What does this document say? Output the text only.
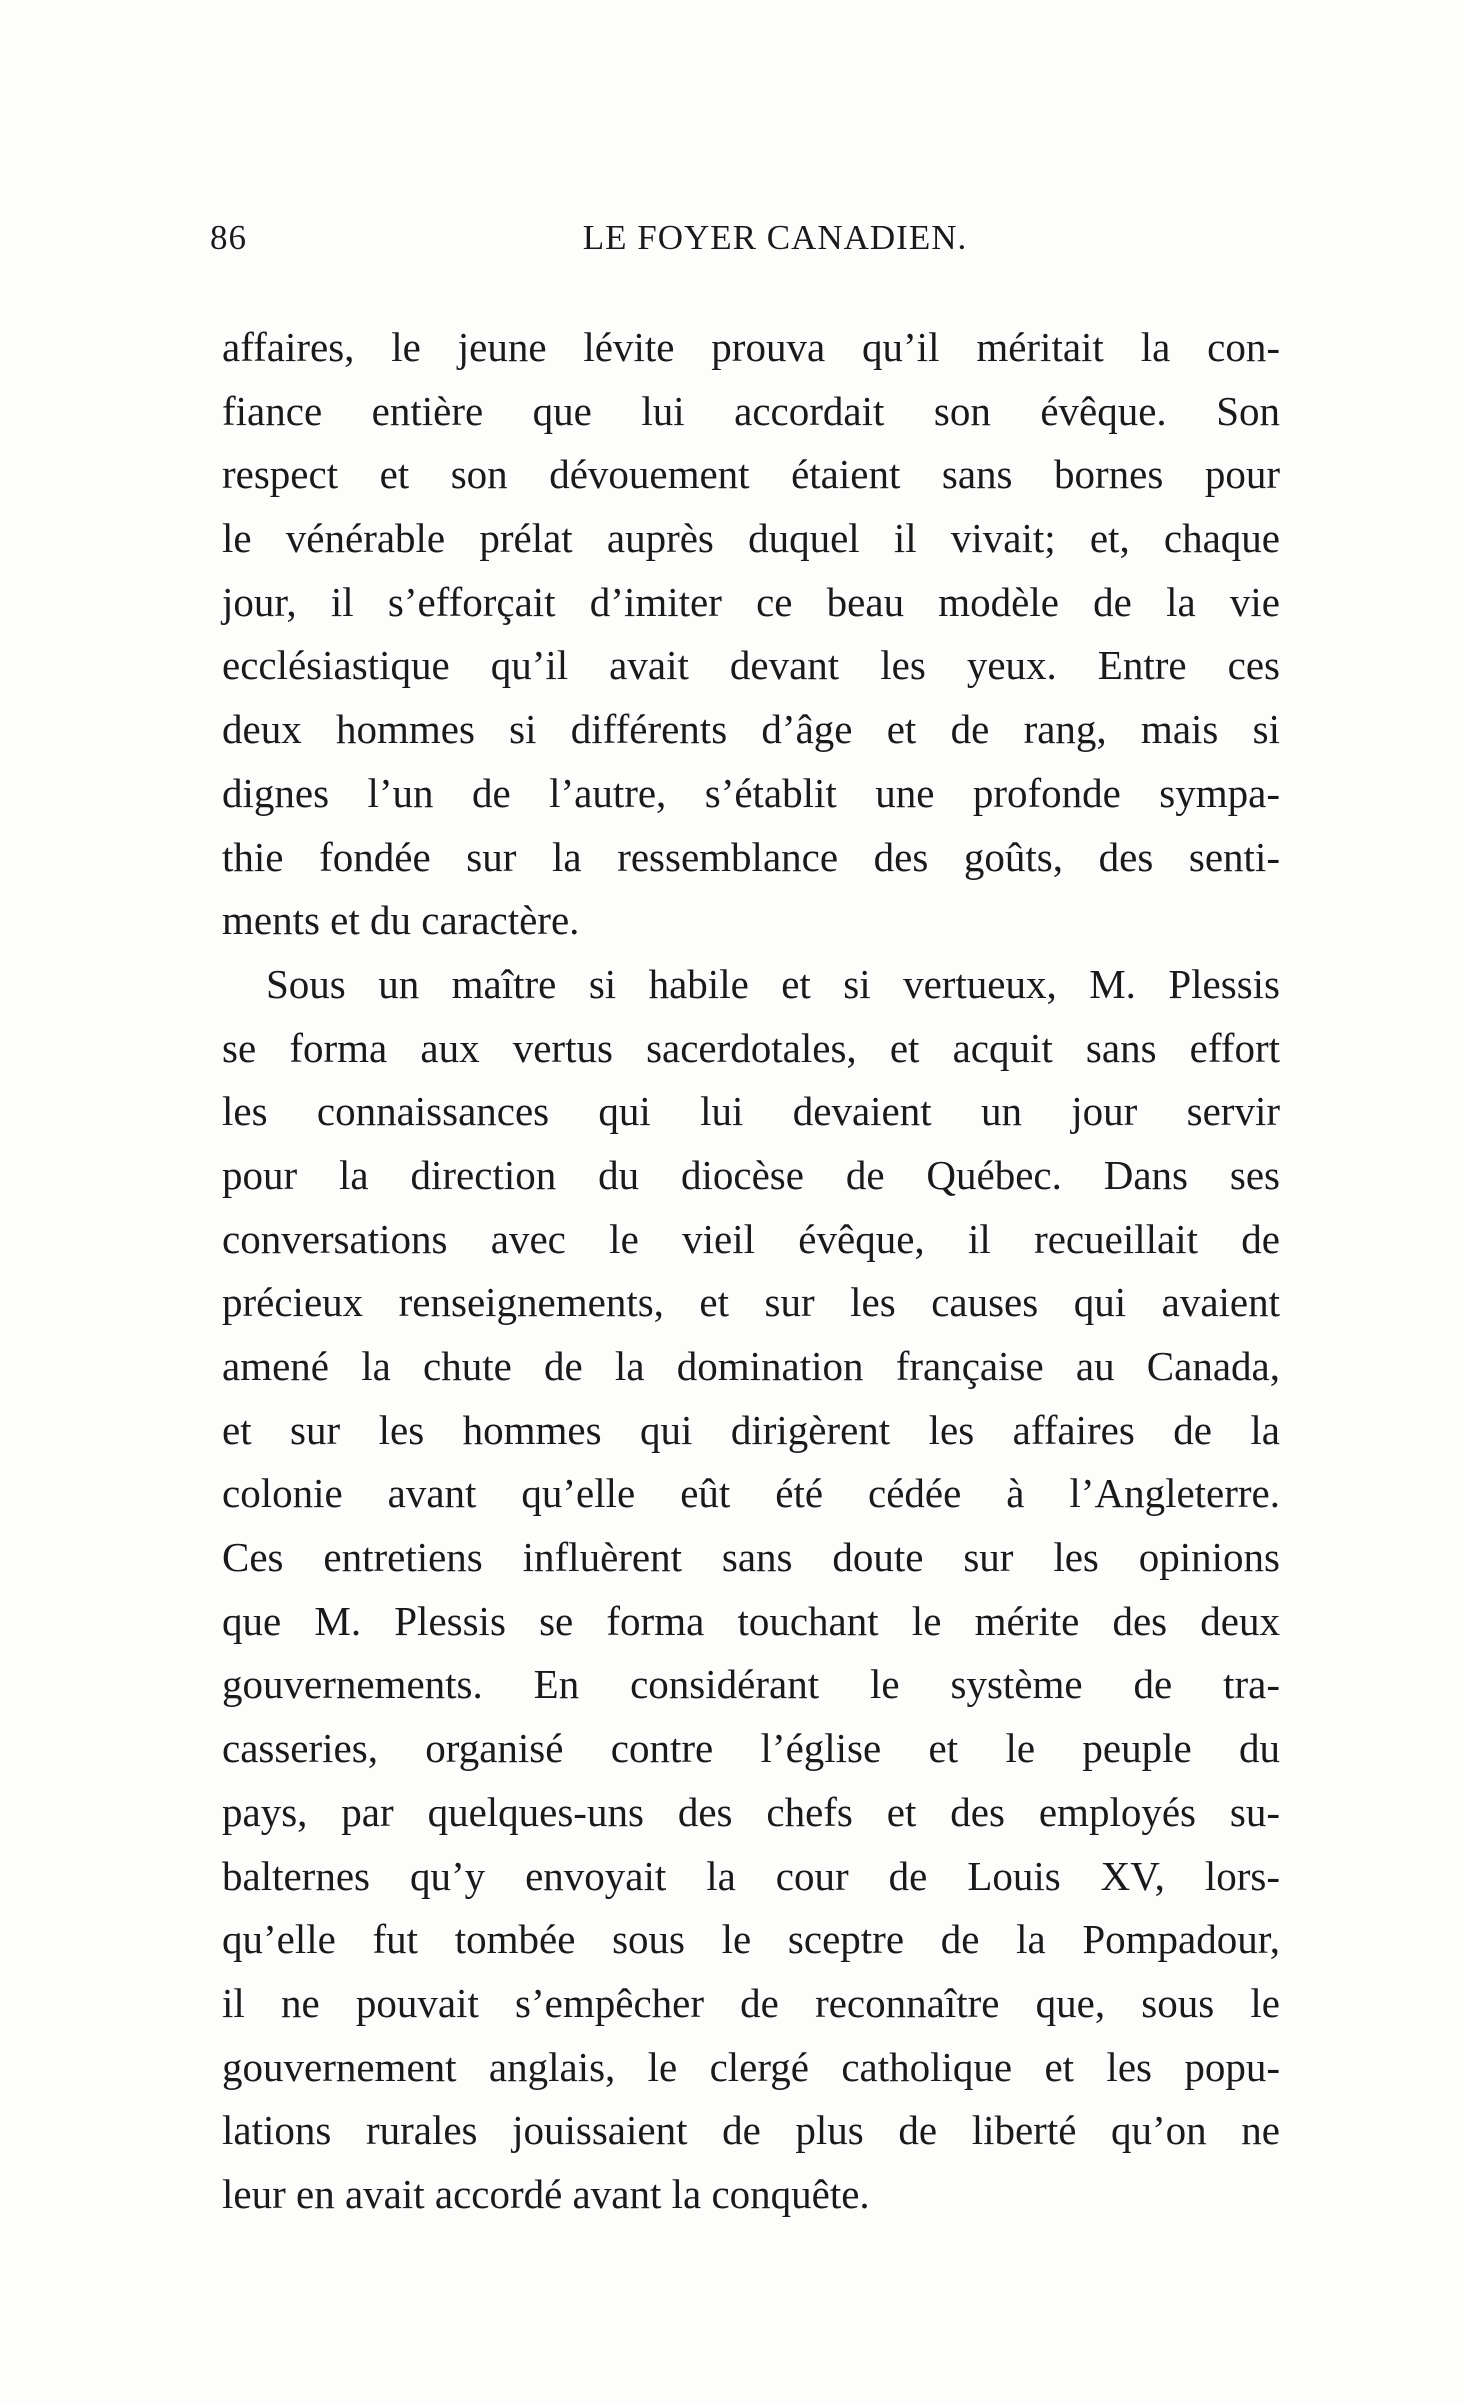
86	LE FOYER CANADIEN.
affaires, le jeune lévite prouva qu’il méritait la con-
fiance entière que lui accordait son évêque. Son
respect et son dévouement étaient sans bornes pour
le vénérable prélat auprès duquel il vivait; et, chaque
jour, il s’efforçait d’imiter ce beau modèle de la vie
ecclésiastique qu’il avait devant les yeux. Entre ces
deux hommes si différents d’âge et de rang, mais si
dignes l’un de l’autre, s’établit une profonde sympa-
thie fondée sur la ressemblance des goûts, des senti-
ments et du caractère.
Sous un maître si habile et si vertueux, M. Plessis
se forma aux vertus sacerdotales, et acquit sans effort
les connaissances qui lui devaient un jour servir
pour la direction du diocèse de Québec. Dans ses
conversations avec le vieil évêque, il recueillait de
précieux renseignements, et sur les causes qui avaient
amené la chute de la domination française au Canada,
et sur les hommes qui dirigèrent les affaires de la
colonie avant qu’elle eût été cédée à l’Angleterre.
Ces entretiens influèrent sans doute sur les opinions
que M. Plessis se forma touchant le mérite des deux
gouvernements. En considérant le système de tra-
casseries, organisé contre l’église et le peuple du
pays, par quelques-uns des chefs et des employés su-
balternes qu’y envoyait la cour de Louis XV, lors-
qu’elle fut tombée sous le sceptre de la Pompadour,
il ne pouvait s’empêcher de reconnaître que, sous le
gouvernement anglais, le clergé catholique et les popu-
lations rurales jouissaient de plus de liberté qu’on ne
leur en avait accordé avant la conquête.
